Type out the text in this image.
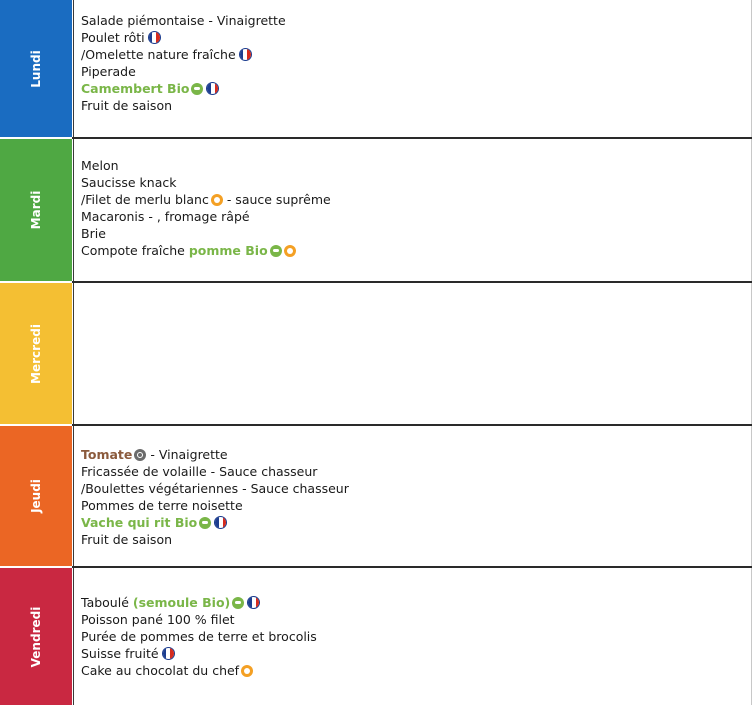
Lundi
Salade piémontaise - Vinaigrette
Poulet rôti
/Omelette nature fraîche
Piperade
Camembert Bio
Fruit de saison
Mardi
Melon
Saucisse knack
/Filet de merlu blanc - sauce suprême
Macaronis - , fromage râpé
Brie
Compote fraîche pomme Bio
Mercredi
Jeudi
Tomate - Vinaigrette
Fricassée de volaille - Sauce chasseur
/Boulettes végétariennes - Sauce chasseur
Pommes de terre noisette
Vache qui rit Bio
Fruit de saison
Vendredi
Taboulé (semoule Bio)
Poisson pané 100 % filet
Purée de pommes de terre et brocolis
Suisse fruité
Cake au chocolat du chef
